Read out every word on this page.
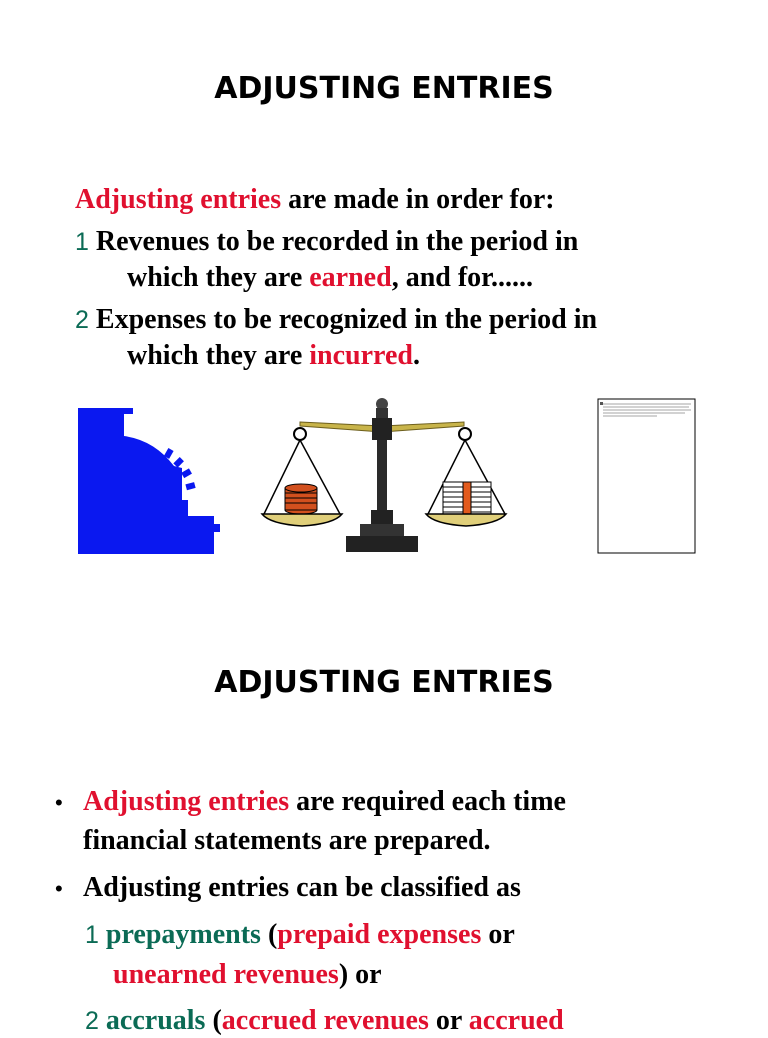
ADJUSTING ENTRIES
Adjusting entries are made in order for:
1 Revenues to be recorded in the period in
which they are earned, and for......
2 Expenses to be recognized in the period in
which they are incurred.
ADJUSTING ENTRIES
• Adjusting entries are required each time
financial statements are prepared.
• Adjusting entries can be classified as
1 prepayments (prepaid expenses or
unearned revenues) or
2 accruals (accrued revenues or accrued
